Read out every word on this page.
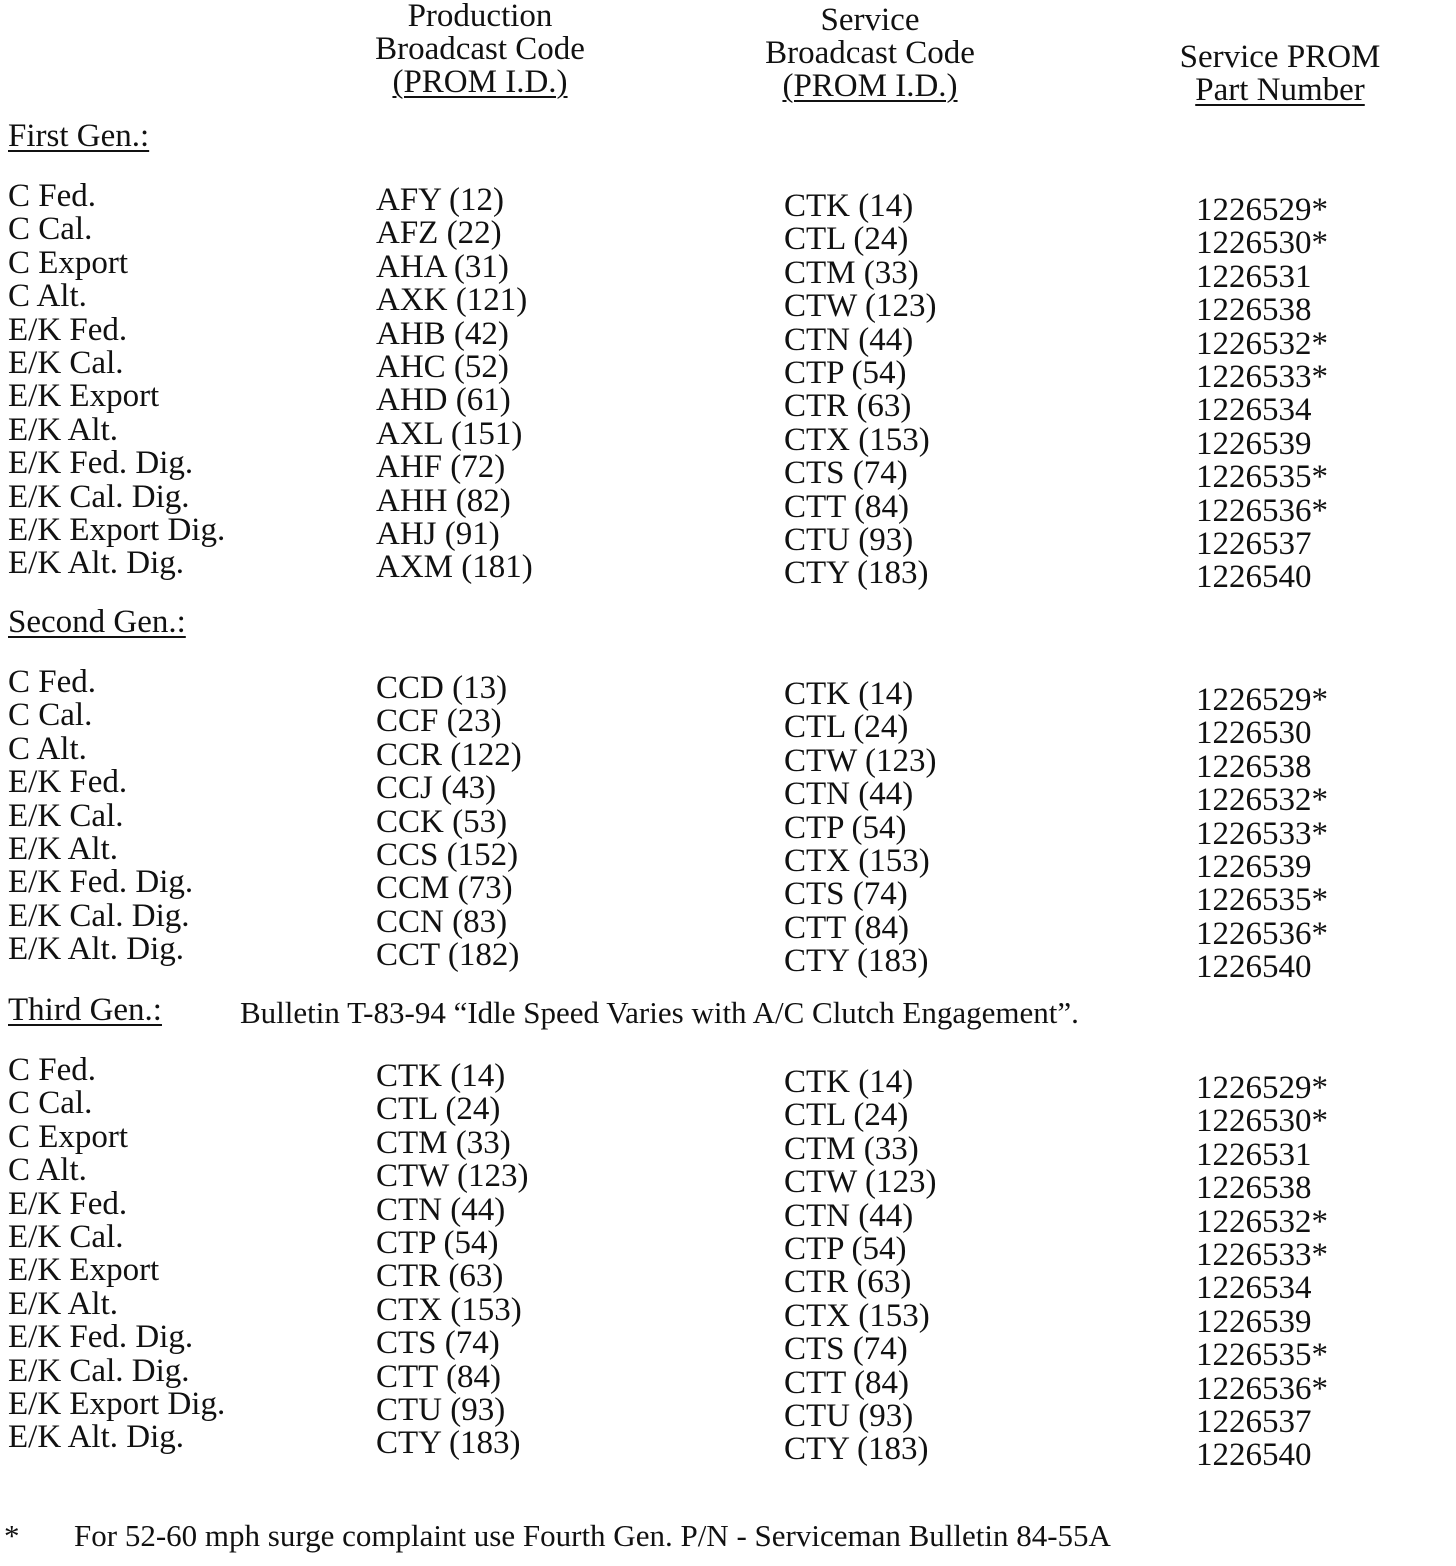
Production
Broadcast Code
(PROM I.D.)
Service
Broadcast Code
(PROM I.D.)
Service PROM
Part Number
First Gen.:
C Fed.
C Cal.
C Export
C Alt.
E/K Fed.
E/K Cal.
E/K Export
E/K Alt.
E/K Fed. Dig.
E/K Cal. Dig.
E/K Export Dig.
E/K Alt. Dig.
AFY (12)
AFZ (22)
AHA (31)
AXK (121)
AHB (42)
AHC (52)
AHD (61)
AXL (151)
AHF (72)
AHH (82)
AHJ (91)
AXM (181)
CTK (14)
CTL (24)
CTM (33)
CTW (123)
CTN (44)
CTP (54)
CTR (63)
CTX (153)
CTS (74)
CTT (84)
CTU (93)
CTY (183)
1226529*
1226530*
1226531
1226538
1226532*
1226533*
1226534
1226539
1226535*
1226536*
1226537
1226540
Second Gen.:
C Fed.
C Cal.
C Alt.
E/K Fed.
E/K Cal.
E/K Alt.
E/K Fed. Dig.
E/K Cal. Dig.
E/K Alt. Dig.
CCD (13)
CCF (23)
CCR (122)
CCJ (43)
CCK (53)
CCS (152)
CCM (73)
CCN (83)
CCT (182)
CTK (14)
CTL (24)
CTW (123)
CTN (44)
CTP (54)
CTX (153)
CTS (74)
CTT (84)
CTY (183)
1226529*
1226530
1226538
1226532*
1226533*
1226539
1226535*
1226536*
1226540
Third Gen.:	Bulletin T-83-94 “Idle Speed Varies with A/C Clutch Engagement”.
C Fed.
C Cal.
C Export
C Alt.
E/K Fed.
E/K Cal.
E/K Export
E/K Alt.
E/K Fed. Dig.
E/K Cal. Dig.
E/K Export Dig.
E/K Alt. Dig.
CTK (14)
CTL (24)
CTM (33)
CTW (123)
CTN (44)
CTP (54)
CTR (63)
CTX (153)
CTS (74)
CTT (84)
CTU (93)
CTY (183)
CTK (14)
CTL (24)
CTM (33)
CTW (123)
CTN (44)
CTP (54)
CTR (63)
CTX (153)
CTS (74)
CTT (84)
CTU (93)
CTY (183)
1226529*
1226530*
1226531
1226538
1226532*
1226533*
1226534
1226539
1226535*
1226536*
1226537
1226540
* For 52-60 mph surge complaint use Fourth Gen. P/N - Serviceman Bulletin 84-55A
